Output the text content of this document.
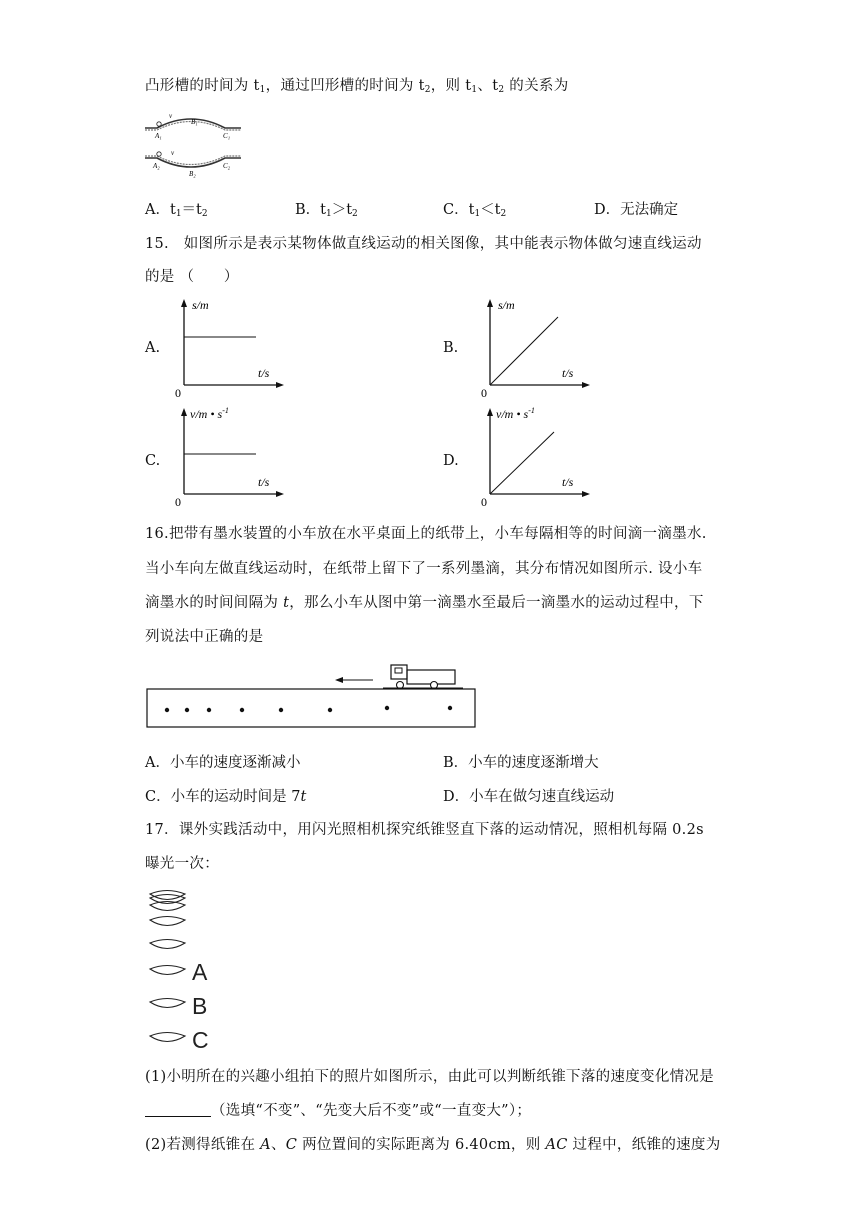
凸形槽的时间为 $t_1$，通过凹形槽的时间为 $t_2$，则 $t_1$、$t_2$ 的关系为
v
A₁
B₁
C₁
v
A₂
B₂
C₂
A．$t_1=t_2$	B．$t_1>t_2$	C．$t_1<t_2$	D．无法确定
15.　如图所示是表示某物体做直线运动的相关图像，其中能表示物体做匀速直线运动
的是 （　　）
A.
s/m
t/s
0
B.
s/m
t/s
0
C.
v/m • $s^{-1}$
t/s
0
D.
v/m • $s^{-1}$
t/s
0
16.把带有墨水装置的小车放在水平桌面上的纸带上，小车每隔相等的时间滴一滴墨水.
当小车向左做直线运动时，在纸带上留下了一系列墨滴，其分布情况如图所示. 设小车
滴墨水的时间间隔为 t，那么小车从图中第一滴墨水至最后一滴墨水的运动过程中，下
列说法中正确的是
A．小车的速度逐渐减小	B．小车的速度逐渐增大
C．小车的运动时间是 7t	D．小车在做匀速直线运动
17．课外实践活动中，用闪光照相机探究纸锥竖直下落的运动情况，照相机每隔 0.2s
曝光一次：
A
B
C
(1)小明所在的兴趣小组拍下的照片如图所示，由此可以判断纸锥下落的速度变化情况是
（选填“不变”、“先变大后不变”或“一直变大”）；
(2)若测得纸锥在 A、C 两位置间的实际距离为 6.40cm，则 AC 过程中，纸锥的速度为
